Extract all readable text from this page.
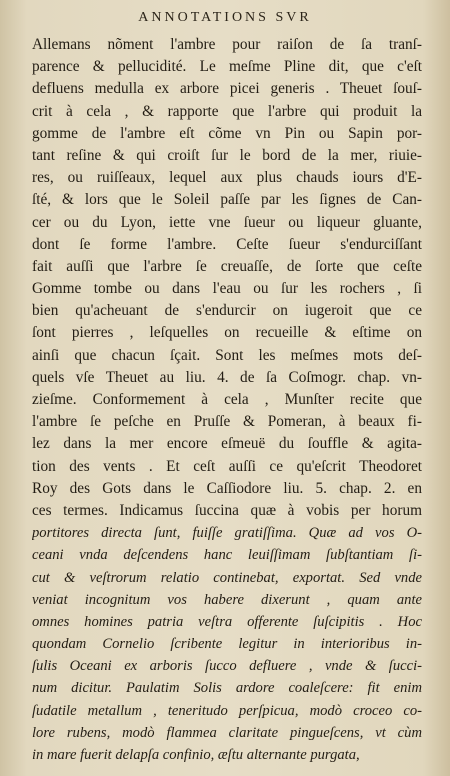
ANNOTATIONS SVR
Allemans nõment l'ambre pour raiſon de ſa tranſ-
parence & pellucidité. Le meſme Pline dit, que c'eſt
defluens medulla ex arbore picei generis . Theuet ſouſ-
crit à cela , & rapporte que l'arbre qui produit la
gomme de l'ambre eſt cõme vn Pin ou Sapin por-
tant reſine & qui croiſt ſur le bord de la mer, riuie-
res, ou ruiſſeaux, lequel aux plus chauds iours d'E-
ſté, & lors que le Soleil paſſe par les ſignes de Can-
cer ou du Lyon, iette vne ſueur ou liqueur gluante,
dont ſe forme l'ambre. Ceſte ſueur s'endurciſſant
fait auſſi que l'arbre ſe creuaſſe, de ſorte que ceſte
Gomme tombe ou dans l'eau ou ſur les rochers , ſi
bien qu'acheuant de s'endurcir on iugeroit que ce
ſont pierres , leſquelles on recueille & eſtime on
ainſi que chacun ſçait. Sont les meſmes mots deſ-
quels vſe Theuet au liu. 4. de ſa Coſmogr. chap. vn-
zieſme. Conformement à cela , Munſter recite que
l'ambre ſe peſche en Pruſſe & Pomeran, à beaux fi-
lez dans la mer encore eſmeuë du ſouffle & agita-
tion des vents . Et ceſt auſſi ce qu'eſcrit Theodoret
Roy des Gots dans le Caſſiodore liu. 5. chap. 2. en
ces termes. Indicamus ſuccina quæ à vobis per horum
portitores directa ſunt, fuiſſe gratiſſima. Quæ ad vos O-
ceani vnda deſcendens hanc leuiſſimam ſubſtantiam ſi-
cut & veſtrorum relatio continebat, exportat. Sed vnde
veniat incognitum vos habere dixerunt , quam ante
omnes homines patria veſtra offerente ſuſcipitis . Hoc
quondam Cornelio ſcribente legitur in interioribus in-
ſulis Oceani ex arboris ſucco defluere , vnde & ſucci-
num dicitur. Paulatim Solis ardore coaleſcere: fit enim
ſudatile metallum , teneritudo perſpicua, modò croceo co-
lore rubens, modò flammea claritate pingueſcens, vt cùm
in mare fuerit delapſa confinio, æſtu alternante purgata,
